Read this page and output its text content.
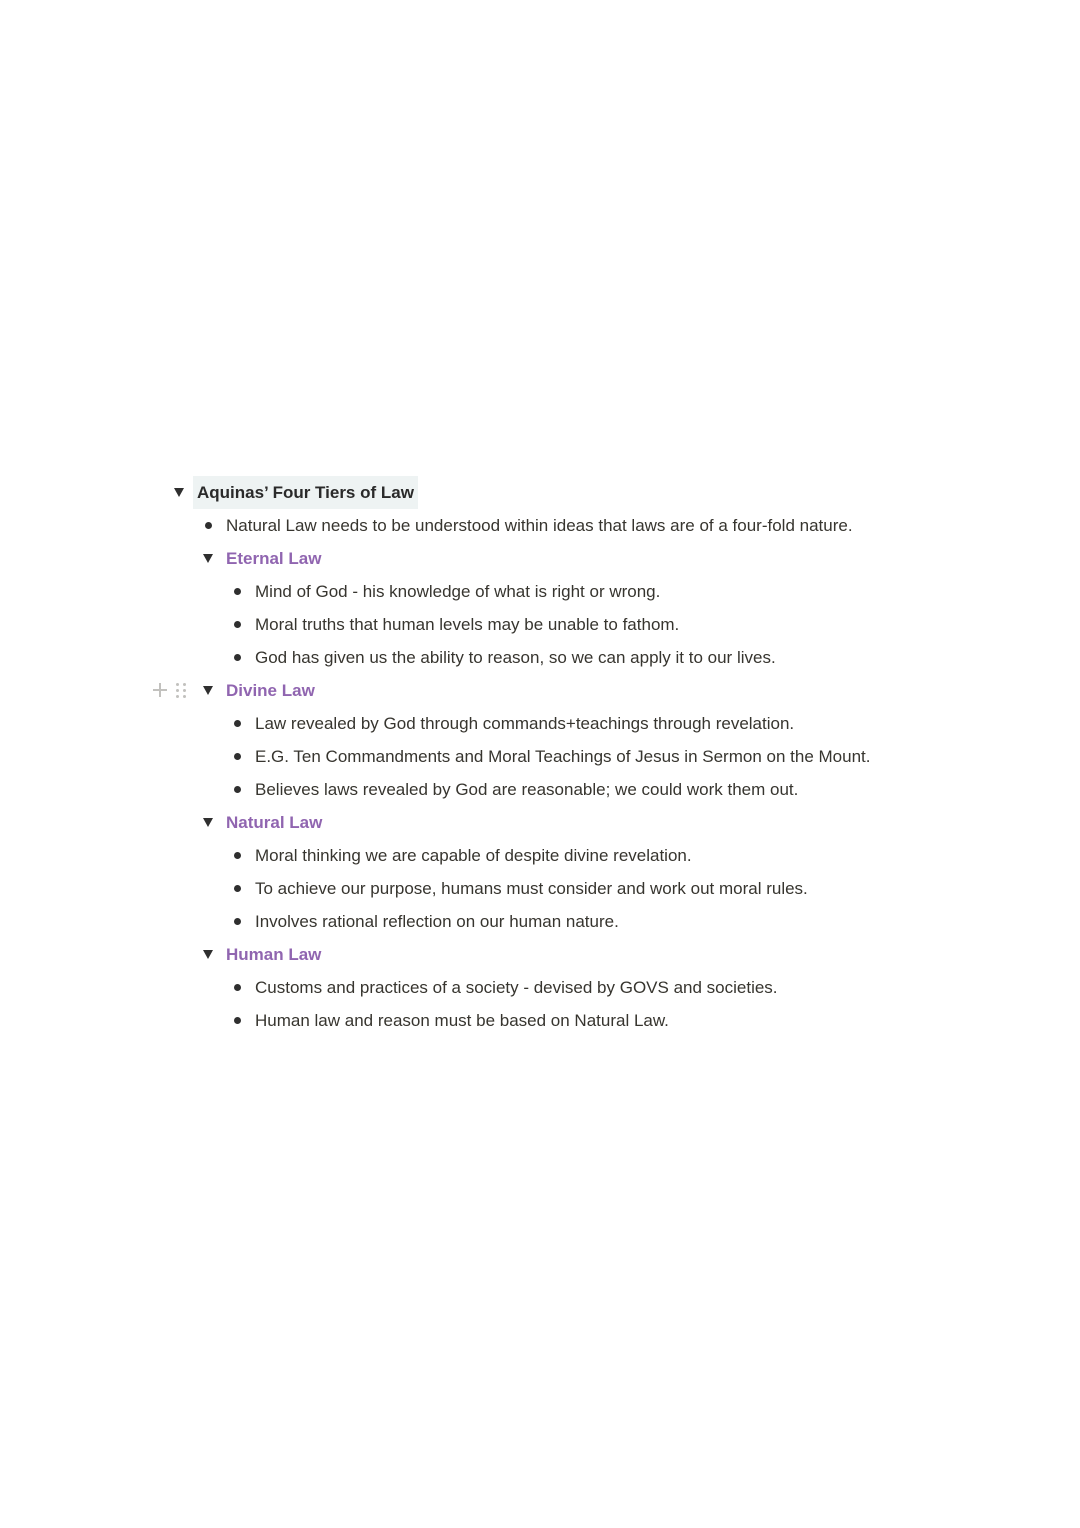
Aquinas’ Four Tiers of Law
Natural Law needs to be understood within ideas that laws are of a four-fold nature.
Eternal Law
Mind of God - his knowledge of what is right or wrong.
Moral truths that human levels may be unable to fathom.
God has given us the ability to reason, so we can apply it to our lives.
Divine Law
Law revealed by God through commands+teachings through revelation.
E.G. Ten Commandments and Moral Teachings of Jesus in Sermon on the Mount.
Believes laws revealed by God are reasonable; we could work them out.
Natural Law
Moral thinking we are capable of despite divine revelation.
To achieve our purpose, humans must consider and work out moral rules.
Involves rational reflection on our human nature.
Human Law
Customs and practices of a society - devised by GOVS and societies.
Human law and reason must be based on Natural Law.
